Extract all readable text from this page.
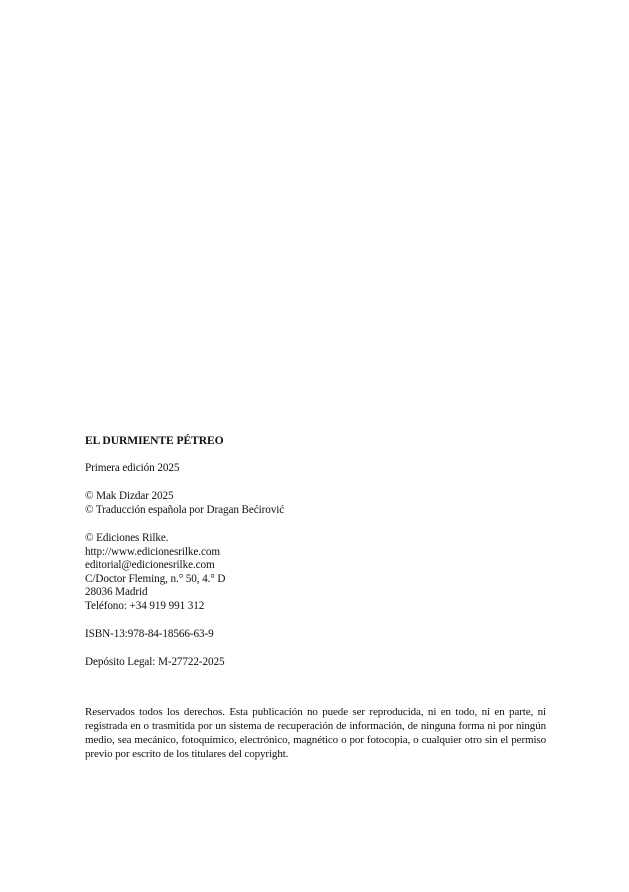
EL DURMIENTE PÉTREO
Primera edición 2025
© Mak Dizdar 2025
© Traducción española por Dragan Bećirović
© Ediciones Rilke.
http://www.edicionesrilke.com
editorial@edicionesrilke.com
C/Doctor Fleming, n.° 50, 4.° D
28036 Madrid
Teléfono: +34 919 991 312
ISBN-13:978-84-18566-63-9
Depósito Legal: M-27722-2025
Reservados todos los derechos. Esta publicación no puede ser reproducida, ni en todo, ni en parte, ni registrada en o trasmitida por un sistema de recuperación de información, de ninguna forma ni por ningún medio, sea mecánico, fotoquímico, electrónico, magnético o por fotocopia, o cualquier otro sin el permiso previo por escrito de los titulares del copyright.
